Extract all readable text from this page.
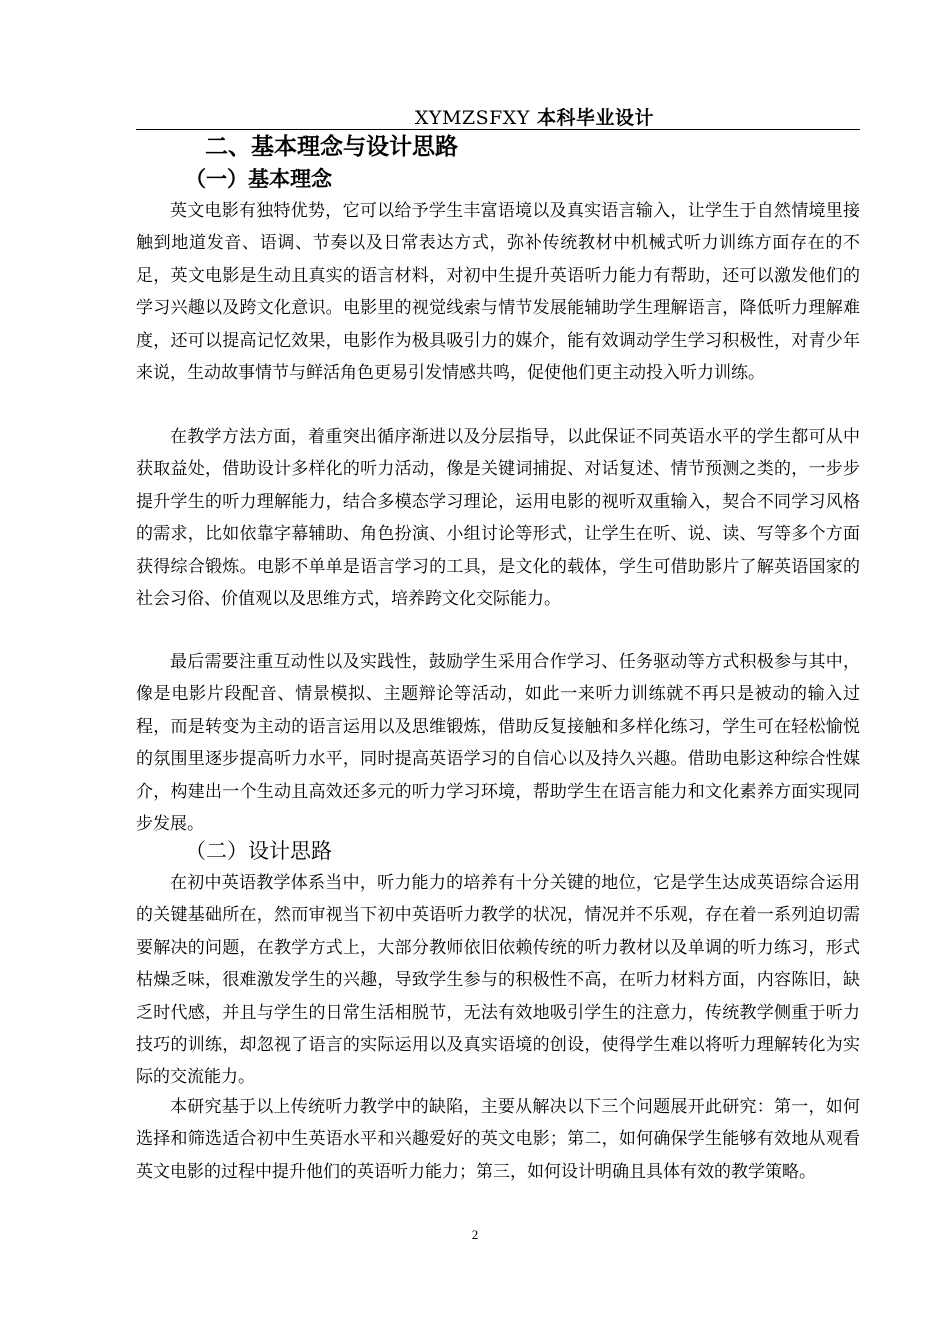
XYMZSFXY 本科毕业设计
二、基本理念与设计思路
（一）基本理念

英文电影有独特优势，它可以给予学生丰富语境以及真实语言输入，让学生于自然情境里接触到地道发音、语调、节奏以及日常表达方式，弥补传统教材中机械式听力训练方面存在的不足，英文电影是生动且真实的语言材料，对初中生提升英语听力能力有帮助，还可以激发他们的学习兴趣以及跨文化意识。电影里的视觉线索与情节发展能辅助学生理解语言，降低听力理解难度，还可以提高记忆效果，电影作为极具吸引力的媒介，能有效调动学生学习积极性，对青少年来说，生动故事情节与鲜活角色更易引发情感共鸣，促使他们更主动投入听力训练。

在教学方法方面，着重突出循序渐进以及分层指导，以此保证不同英语水平的学生都可从中获取益处，借助设计多样化的听力活动，像是关键词捕捉、对话复述、情节预测之类的，一步步提升学生的听力理解能力，结合多模态学习理论，运用电影的视听双重输入，契合不同学习风格的需求，比如依靠字幕辅助、角色扮演、小组讨论等形式，让学生在听、说、读、写等多个方面获得综合锻炼。电影不单单是语言学习的工具，是文化的载体，学生可借助影片了解英语国家的社会习俗、价值观以及思维方式，培养跨文化交际能力。

最后需要注重互动性以及实践性，鼓励学生采用合作学习、任务驱动等方式积极参与其中，像是电影片段配音、情景模拟、主题辩论等活动，如此一来听力训练就不再只是被动的输入过程，而是转变为主动的语言运用以及思维锻炼，借助反复接触和多样化练习，学生可在轻松愉悦的氛围里逐步提高听力水平，同时提高英语学习的自信心以及持久兴趣。借助电影这种综合性媒介，构建出一个生动且高效还多元的听力学习环境，帮助学生在语言能力和文化素养方面实现同步发展。

（二）设计思路

在初中英语教学体系当中，听力能力的培养有十分关键的地位，它是学生达成英语综合运用的关键基础所在，然而审视当下初中英语听力教学的状况，情况并不乐观，存在着一系列迫切需要解决的问题，在教学方式上，大部分教师依旧依赖传统的听力教材以及单调的听力练习，形式枯燥乏味，很难激发学生的兴趣，导致学生参与的积极性不高，在听力材料方面，内容陈旧，缺乏时代感，并且与学生的日常生活相脱节，无法有效地吸引学生的注意力，传统教学侧重于听力技巧的训练，却忽视了语言的实际运用以及真实语境的创设，使得学生难以将听力理解转化为实际的交流能力。

本研究基于以上传统听力教学中的缺陷，主要从解决以下三个问题展开此研究：第一，如何选择和筛选适合初中生英语水平和兴趣爱好的英文电影；第二，如何确保学生能够有效地从观看英文电影的过程中提升他们的英语听力能力；第三，如何设计明确且具体有效的教学策略。

2
